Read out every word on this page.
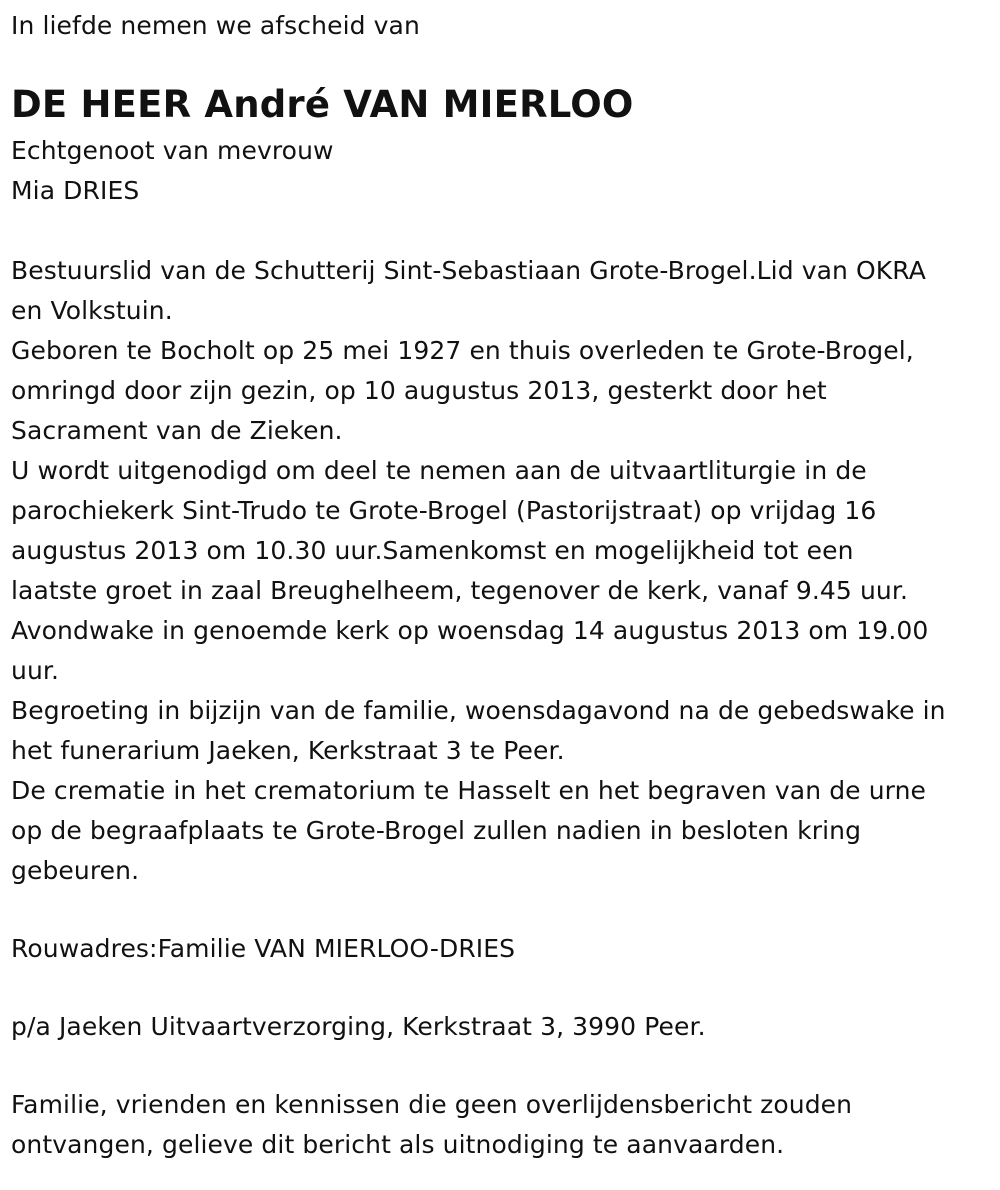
In liefde nemen we afscheid van
DE HEER André VAN MIERLOO
Echtgenoot van mevrouw
Mia DRIES
Bestuurslid van de Schutterij Sint-Sebastiaan Grote-Brogel.Lid van OKRA
en Volkstuin.
Geboren te Bocholt op 25 mei 1927 en thuis overleden te Grote-Brogel,
omringd door zijn gezin, op 10 augustus 2013, gesterkt door het
Sacrament van de Zieken.
U wordt uitgenodigd om deel te nemen aan de uitvaartliturgie in de
parochiekerk Sint-Trudo te Grote-Brogel (Pastorijstraat) op vrijdag 16
augustus 2013 om 10.30 uur.Samenkomst en mogelijkheid tot een
laatste groet in zaal Breughelheem, tegenover de kerk, vanaf 9.45 uur.
Avondwake in genoemde kerk op woensdag 14 augustus 2013 om 19.00
uur.
Begroeting in bijzijn van de familie, woensdagavond na de gebedswake in
het funerarium Jaeken, Kerkstraat 3 te Peer.
De crematie in het crematorium te Hasselt en het begraven van de urne
op de begraafplaats te Grote-Brogel zullen nadien in besloten kring
gebeuren.
Rouwadres:Familie VAN MIERLOO-DRIES
p/a Jaeken Uitvaartverzorging, Kerkstraat 3, 3990 Peer.
Familie, vrienden en kennissen die geen overlijdensbericht zouden
ontvangen, gelieve dit bericht als uitnodiging te aanvaarden.
